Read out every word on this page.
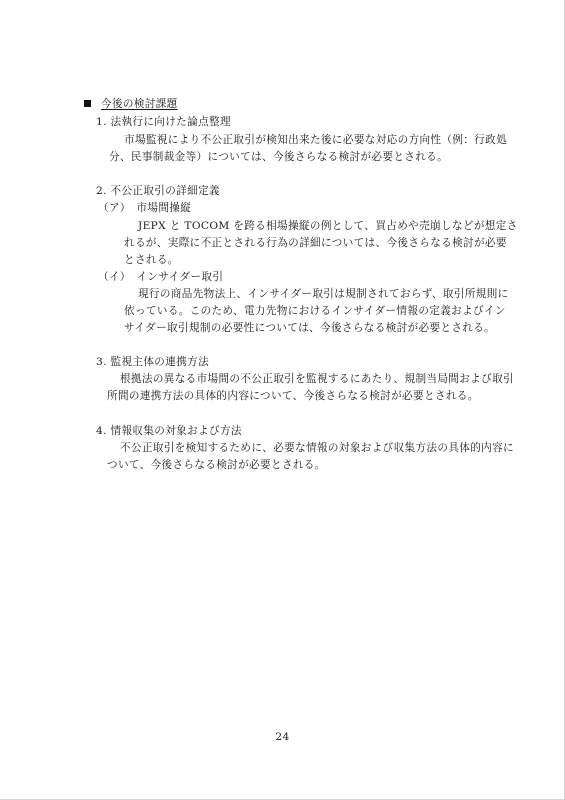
今後の検討課題
1. 法執行に向けた論点整理
市場監視により不公正取引が検知出来た後に必要な対応の方向性（例：行政処
分、民事制裁金等）については、今後さらなる検討が必要とされる。
2. 不公正取引の詳細定義
（ア）　市場間操縦
JEPX と TOCOM を跨る相場操縦の例として、買占めや売崩しなどが想定さ
れるが、実際に不正とされる行為の詳細については、今後さらなる検討が必要
とされる。
（イ）　インサイダー取引
現行の商品先物法上、インサイダー取引は規制されておらず、取引所規則に
依っている。このため、電力先物におけるインサイダー情報の定義およびイン
サイダー取引規制の必要性については、今後さらなる検討が必要とされる。
3. 監視主体の連携方法
根拠法の異なる市場間の不公正取引を監視するにあたり、規制当局間および取引
所間の連携方法の具体的内容について、今後さらなる検討が必要とされる。
4. 情報収集の対象および方法
不公正取引を検知するために、必要な情報の対象および収集方法の具体的内容に
ついて、今後さらなる検討が必要とされる。
24
